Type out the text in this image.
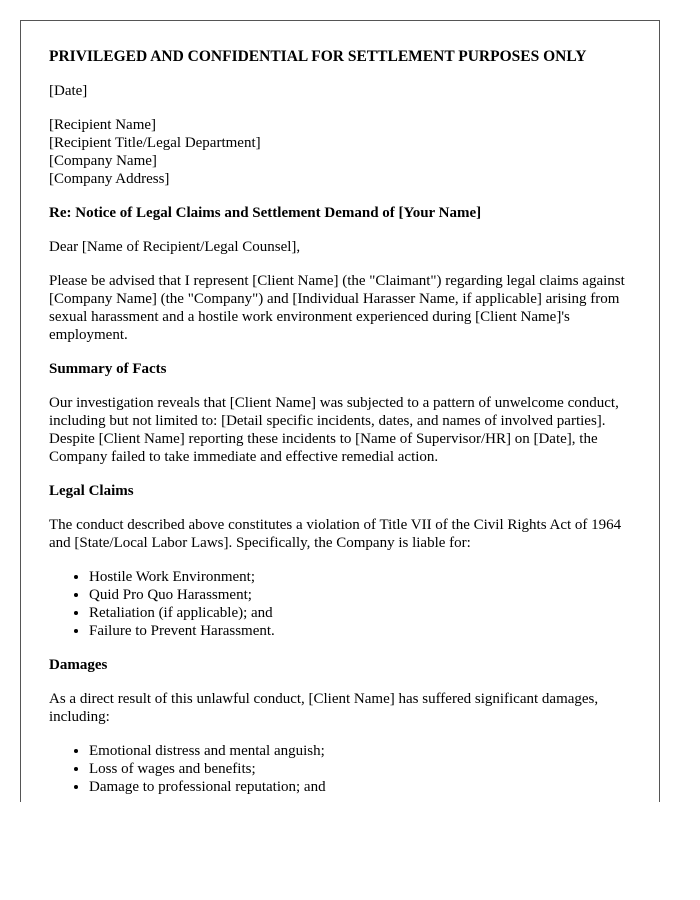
PRIVILEGED AND CONFIDENTIAL FOR SETTLEMENT PURPOSES ONLY
[Date]
[Recipient Name]
[Recipient Title/Legal Department]
[Company Name]
[Company Address]
Re: Notice of Legal Claims and Settlement Demand of [Your Name]
Dear [Name of Recipient/Legal Counsel],
Please be advised that I represent [Client Name] (the "Claimant") regarding legal claims against [Company Name] (the "Company") and [Individual Harasser Name, if applicable] arising from sexual harassment and a hostile work environment experienced during [Client Name]'s employment.
Summary of Facts
Our investigation reveals that [Client Name] was subjected to a pattern of unwelcome conduct, including but not limited to: [Detail specific incidents, dates, and names of involved parties]. Despite [Client Name] reporting these incidents to [Name of Supervisor/HR] on [Date], the Company failed to take immediate and effective remedial action.
Legal Claims
The conduct described above constitutes a violation of Title VII of the Civil Rights Act of 1964 and [State/Local Labor Laws]. Specifically, the Company is liable for:
• Hostile Work Environment;
• Quid Pro Quo Harassment;
• Retaliation (if applicable); and
• Failure to Prevent Harassment.
Damages
As a direct result of this unlawful conduct, [Client Name] has suffered significant damages, including:
• Emotional distress and mental anguish;
• Loss of wages and benefits;
• Damage to professional reputation; and
